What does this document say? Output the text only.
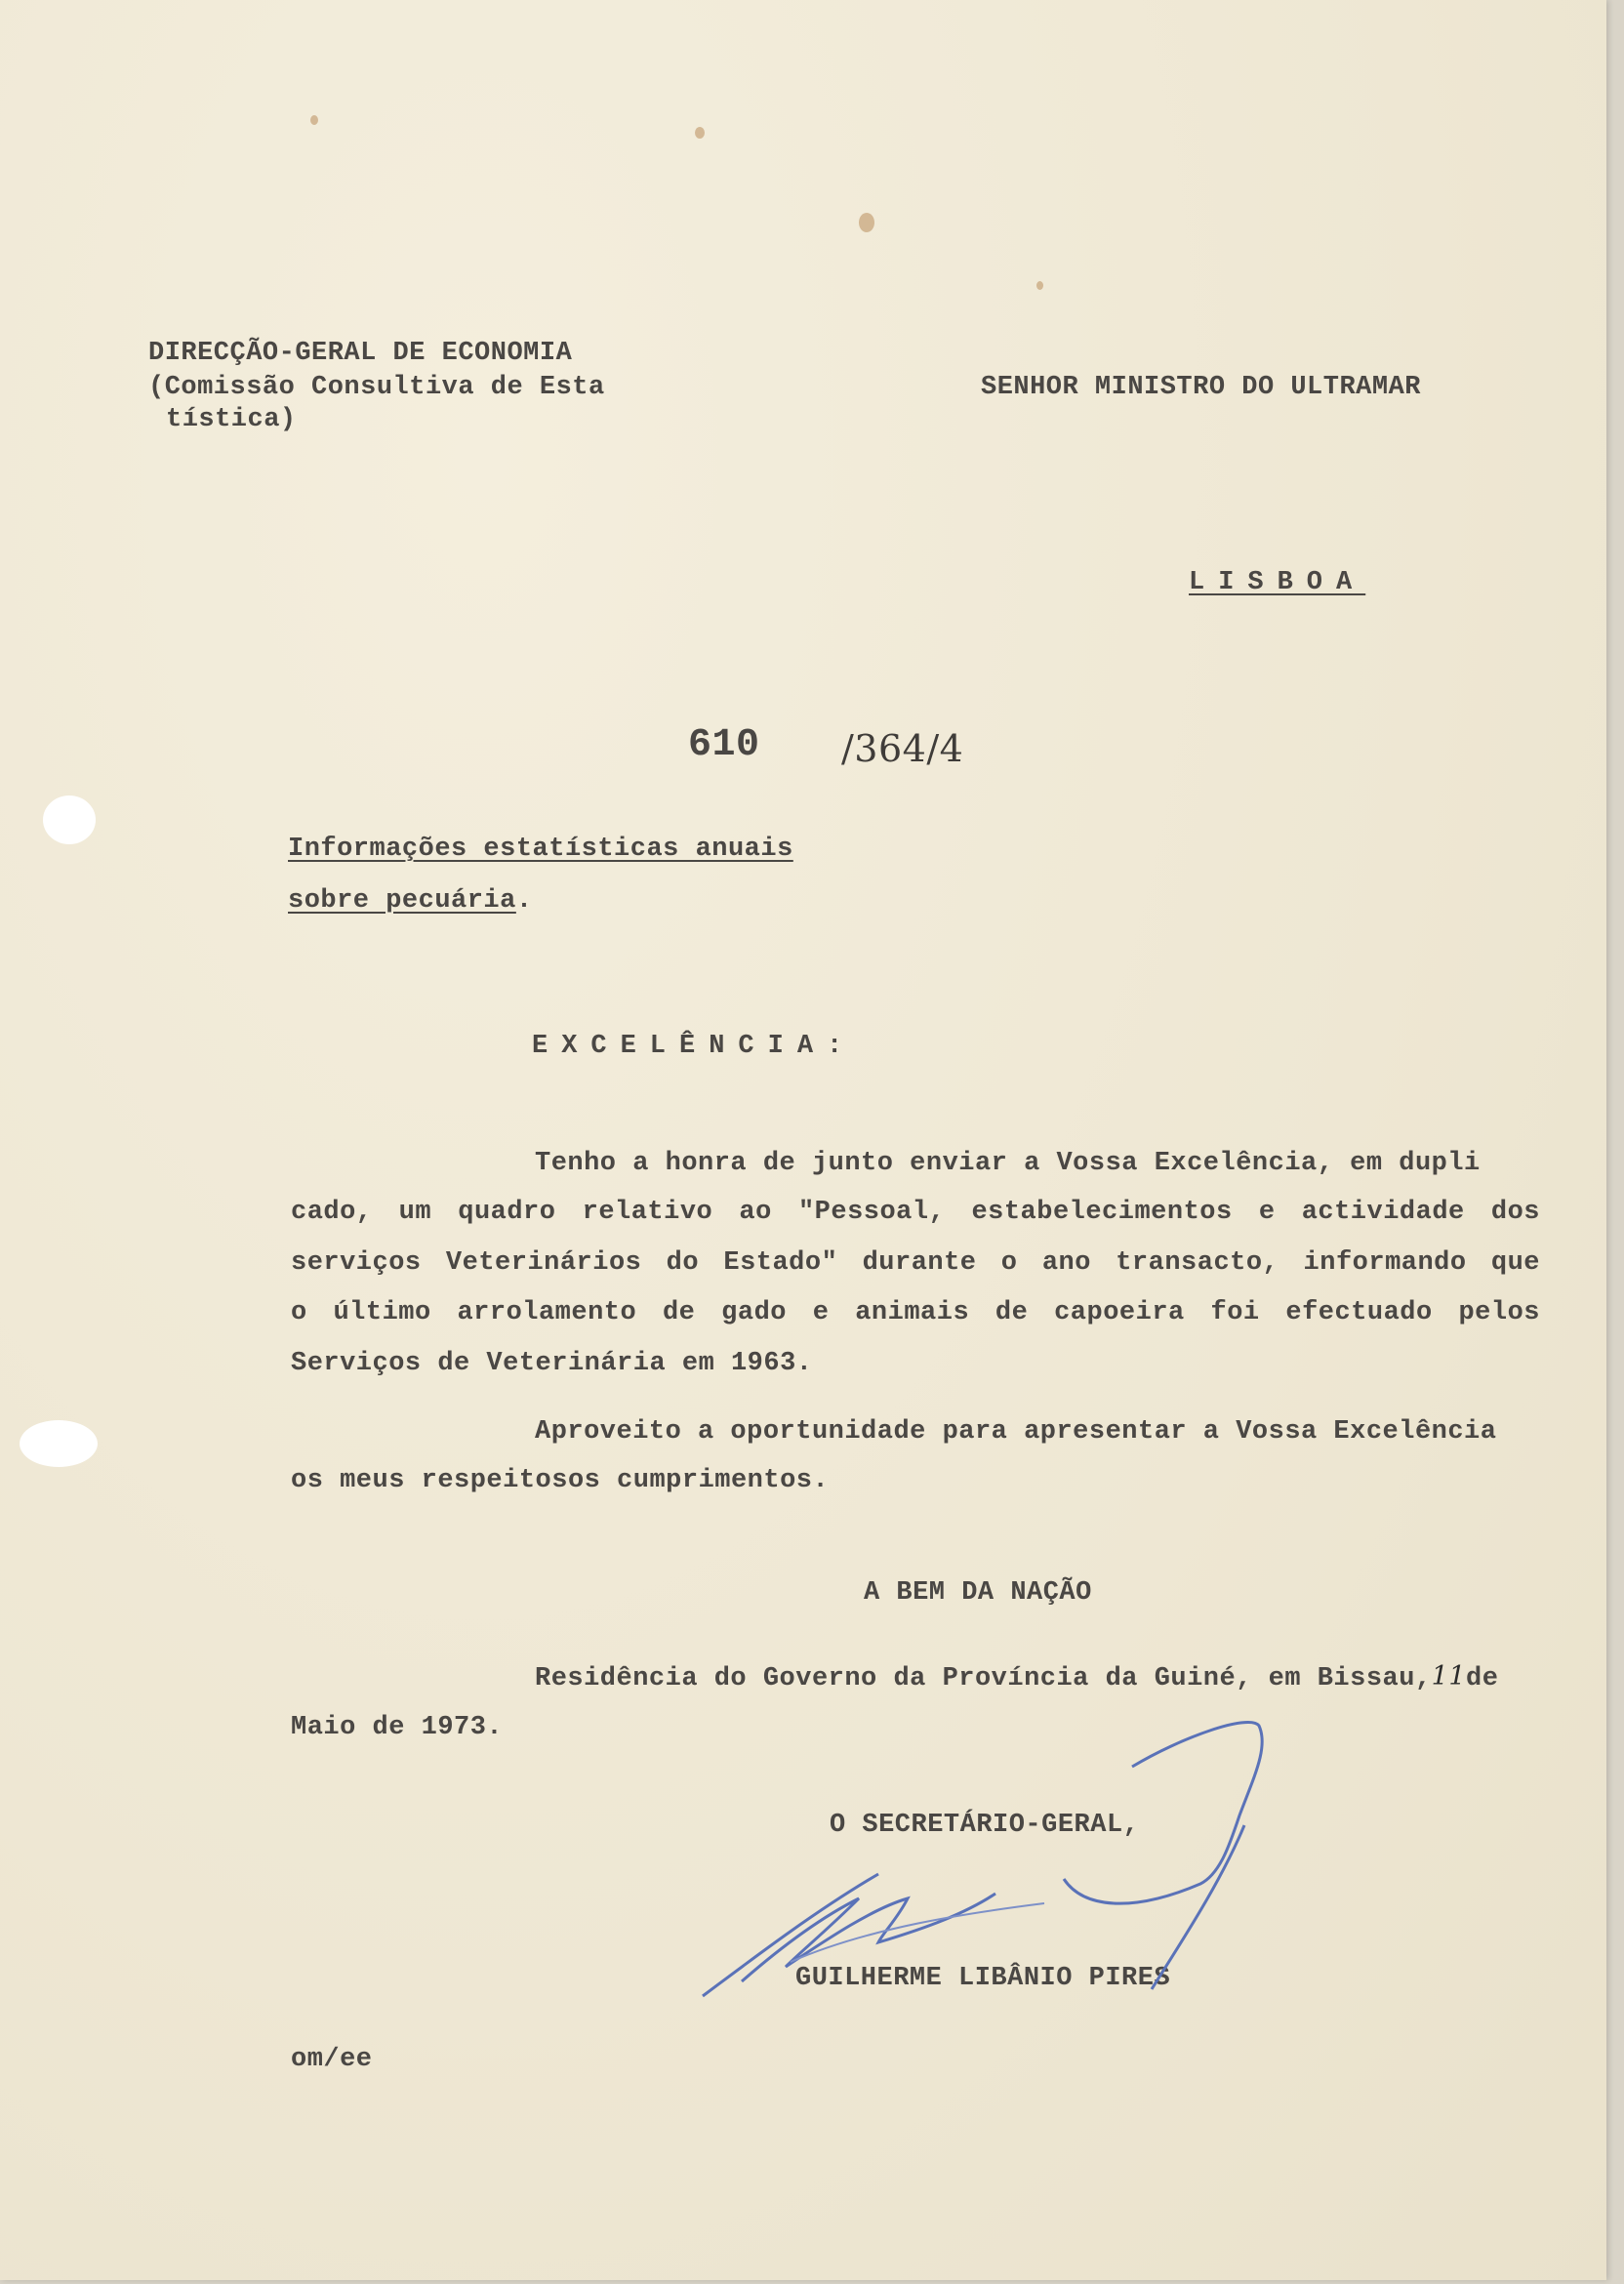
DIRECÇÃO-GERAL DE ECONOMIA
(Comissão Consultiva de Esta
tística)
SENHOR MINISTRO DO ULTRAMAR
LISBOA
610 /364/4
Informações estatísticas anuais
sobre pecuária.
EXCELÊNCIA:
Tenho a honra de junto enviar a Vossa Excelência, em dupli
cado, um quadro relativo ao "Pessoal, estabelecimentos e actividade dos
serviços Veterinários do Estado" durante o ano transacto, informando que
o último arrolamento de gado e animais de capoeira foi efectuado pelos
Serviços de Veterinária em 1963.
Aproveito a oportunidade para apresentar a Vossa Excelência
os meus respeitosos cumprimentos.
A BEM DA NAÇÃO
Residência do Governo da Província da Guiné, em Bissau,11de
Maio de 1973.
O SECRETÁRIO-GERAL,
GUILHERME LIBÂNIO PIRES
om/ee
